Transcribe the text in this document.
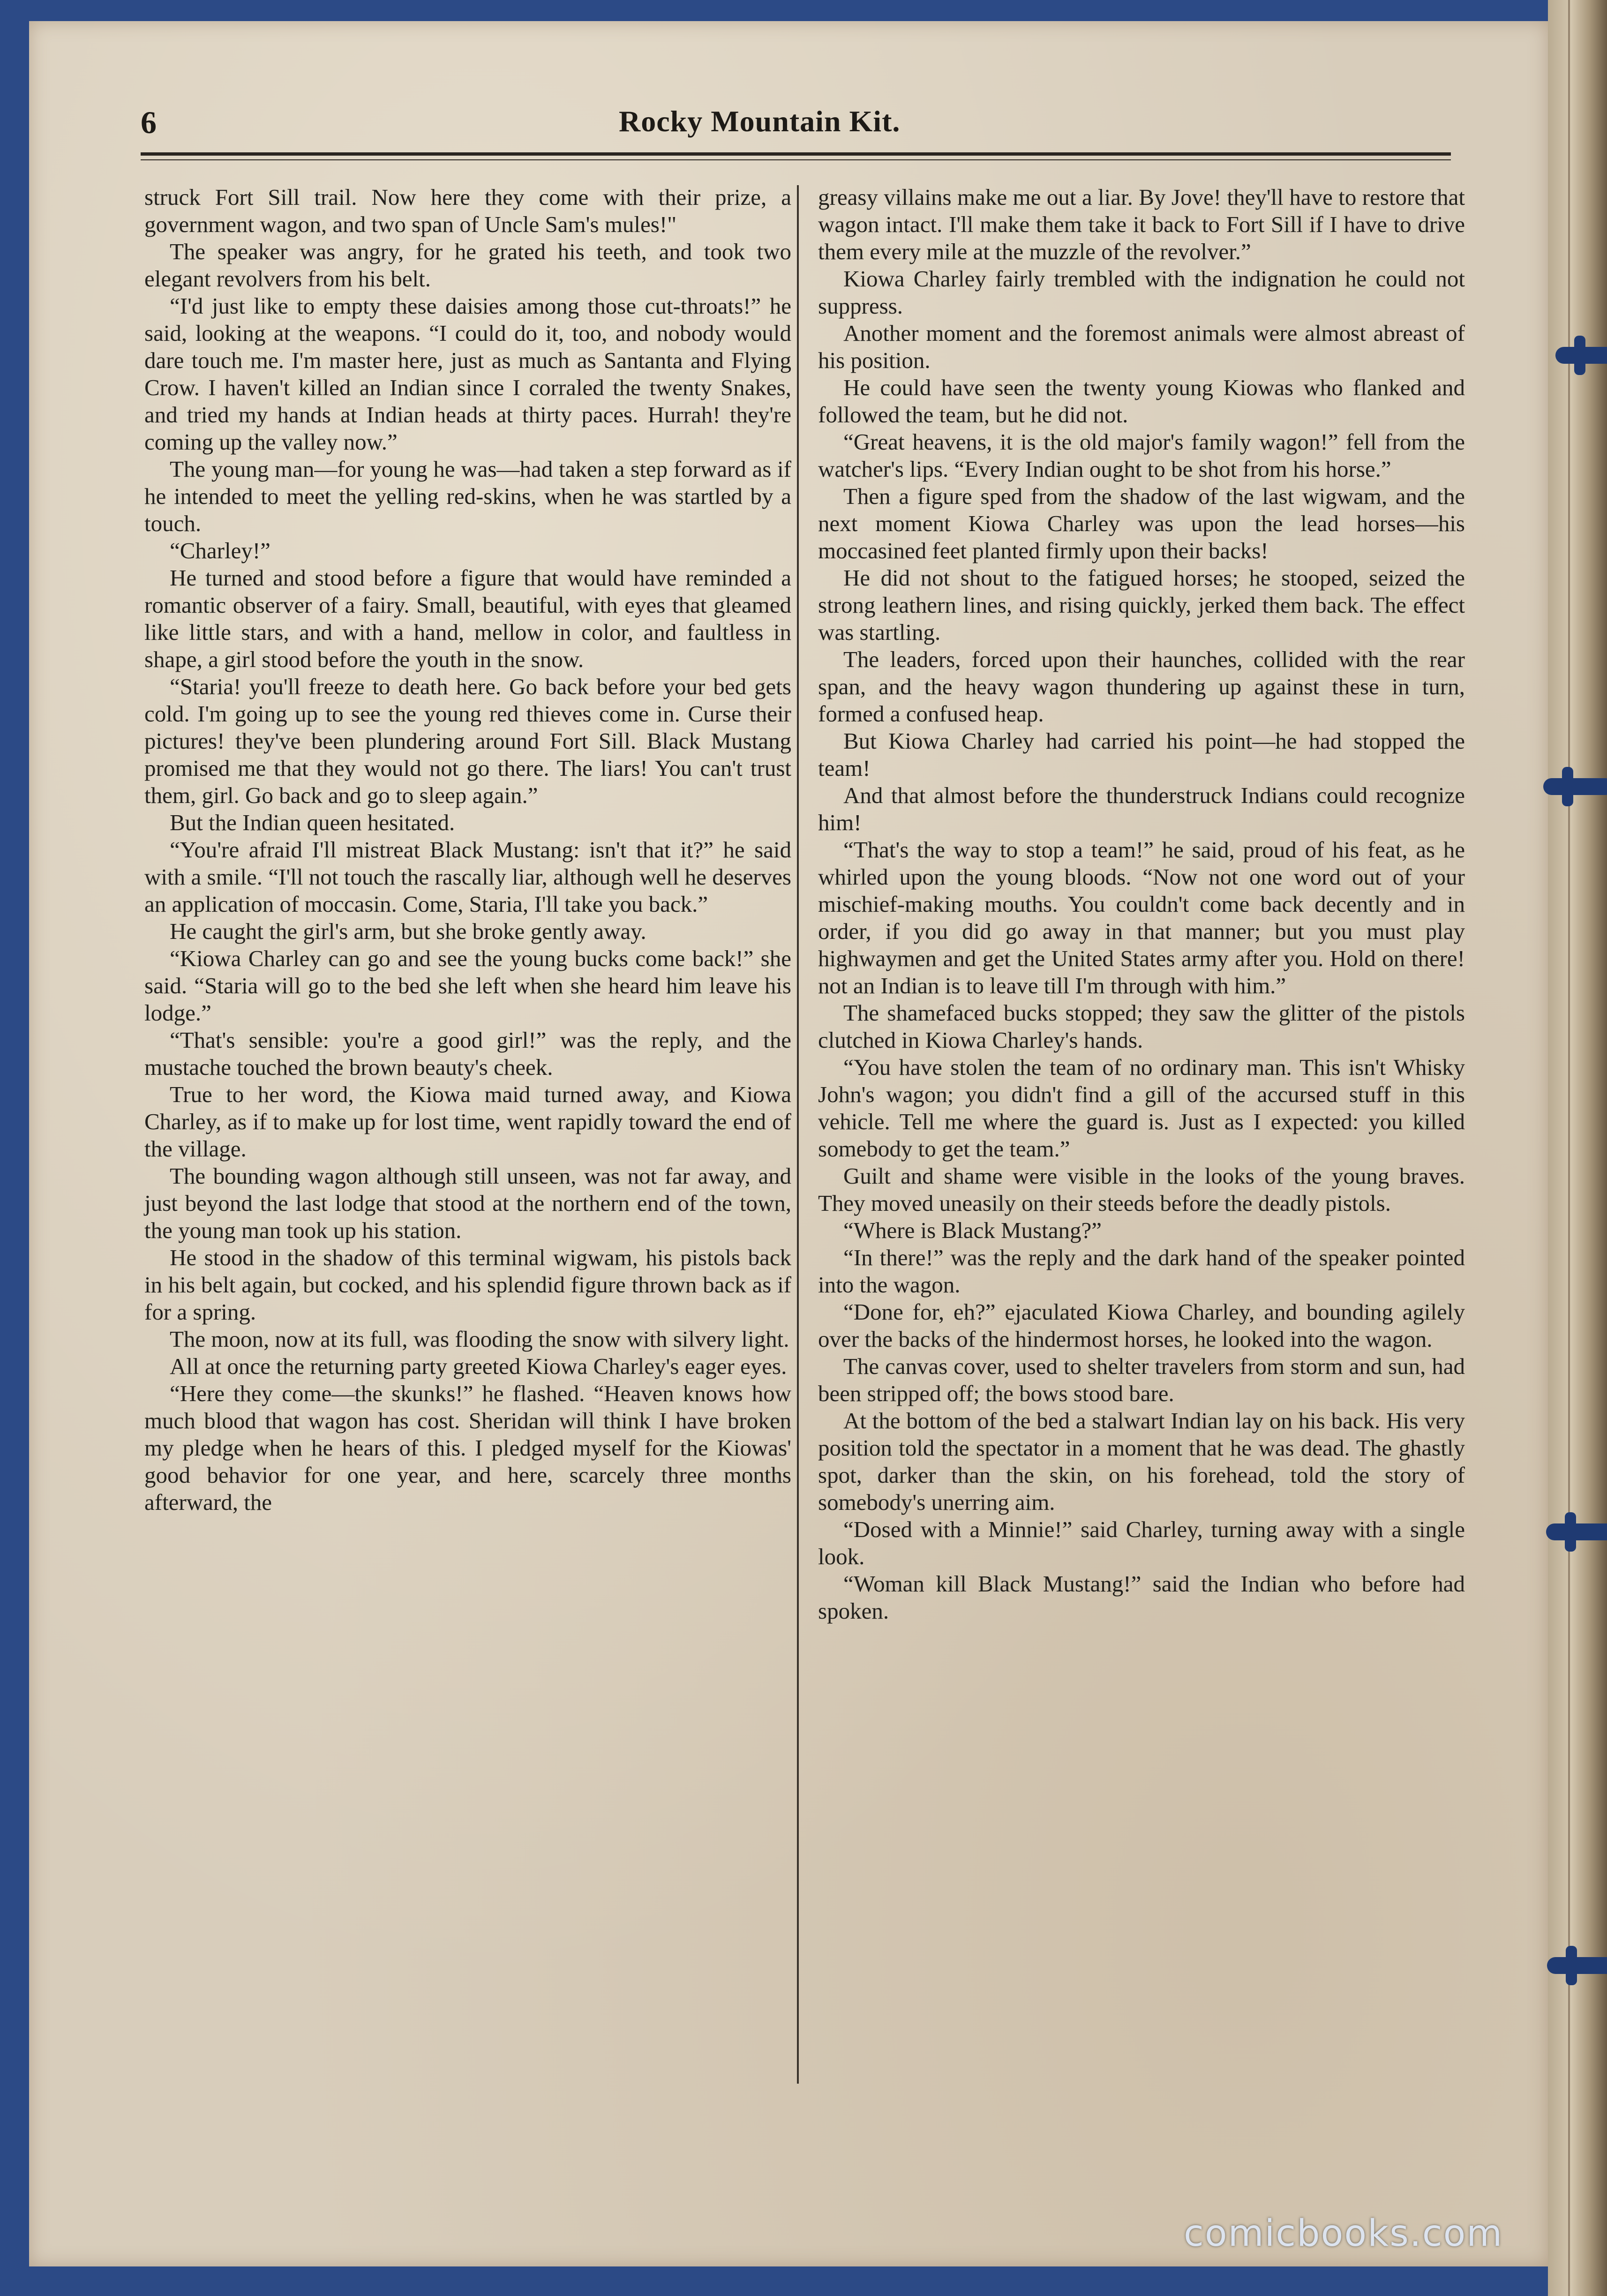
6	Rocky Mountain Kit.

struck Fort Sill trail. Now here they come with their prize, a government wagon, and two span of Uncle Sam's mules!"

The speaker was angry, for he grated his teeth, and took two elegant revolvers from his belt.

“I'd just like to empty these daisies among those cut-throats!” he said, looking at the weapons. “I could do it, too, and nobody would dare touch me. I'm master here, just as much as Santanta and Flying Crow. I haven't killed an Indian since I corraled the twenty Snakes, and tried my hands at Indian heads at thirty paces. Hurrah! they're coming up the valley now.”

The young man—for young he was—had taken a step forward as if he intended to meet the yelling red-skins, when he was startled by a touch.

“Charley!”

He turned and stood before a figure that would have reminded a romantic observer of a fairy. Small, beautiful, with eyes that gleamed like little stars, and with a hand, mellow in color, and faultless in shape, a girl stood before the youth in the snow.

“Staria! you'll freeze to death here. Go back before your bed gets cold. I'm going up to see the young red thieves come in. Curse their pictures! they've been plundering around Fort Sill. Black Mustang promised me that they would not go there. The liars! You can't trust them, girl. Go back and go to sleep again.”

But the Indian queen hesitated.

“You're afraid I'll mistreat Black Mustang: isn't that it?” he said with a smile. “I'll not touch the rascally liar, although well he deserves an application of moccasin. Come, Staria, I'll take you back.”

He caught the girl's arm, but she broke gently away.

“Kiowa Charley can go and see the young bucks come back!” she said. “Staria will go to the bed she left when she heard him leave his lodge.”

“That's sensible: you're a good girl!” was the reply, and the mustache touched the brown beauty's cheek.

True to her word, the Kiowa maid turned away, and Kiowa Charley, as if to make up for lost time, went rapidly toward the end of the village.

The bounding wagon although still unseen, was not far away, and just beyond the last lodge that stood at the northern end of the town, the young man took up his station.

He stood in the shadow of this terminal wigwam, his pistols back in his belt again, but cocked, and his splendid figure thrown back as if for a spring.

The moon, now at its full, was flooding the snow with silvery light.

All at once the returning party greeted Kiowa Charley's eager eyes.

“Here they come—the skunks!” he flashed. “Heaven knows how much blood that wagon has cost. Sheridan will think I have broken my pledge when he hears of this. I pledged myself for the Kiowas' good behavior for one year, and here, scarcely three months afterward, the

greasy villains make me out a liar. By Jove! they'll have to restore that wagon intact. I'll make them take it back to Fort Sill if I have to drive them every mile at the muzzle of the revolver.”

Kiowa Charley fairly trembled with the indignation he could not suppress.

Another moment and the foremost animals were almost abreast of his position.

He could have seen the twenty young Kiowas who flanked and followed the team, but he did not.

“Great heavens, it is the old major's family wagon!” fell from the watcher's lips. “Every Indian ought to be shot from his horse.”

Then a figure sped from the shadow of the last wigwam, and the next moment Kiowa Charley was upon the lead horses—his moccasined feet planted firmly upon their backs!

He did not shout to the fatigued horses; he stooped, seized the strong leathern lines, and rising quickly, jerked them back. The effect was startling.

The leaders, forced upon their haunches, collided with the rear span, and the heavy wagon thundering up against these in turn, formed a confused heap.

But Kiowa Charley had carried his point—he had stopped the team!

And that almost before the thunderstruck Indians could recognize him!

“That's the way to stop a team!” he said, proud of his feat, as he whirled upon the young bloods. “Now not one word out of your mischief-making mouths. You couldn't come back decently and in order, if you did go away in that manner; but you must play highwaymen and get the United States army after you. Hold on there! not an Indian is to leave till I'm through with him.”

The shamefaced bucks stopped; they saw the glitter of the pistols clutched in Kiowa Charley's hands.

“You have stolen the team of no ordinary man. This isn't Whisky John's wagon; you didn't find a gill of the accursed stuff in this vehicle. Tell me where the guard is. Just as I expected: you killed somebody to get the team.”

Guilt and shame were visible in the looks of the young braves. They moved uneasily on their steeds before the deadly pistols.

“Where is Black Mustang?”

“In there!” was the reply and the dark hand of the speaker pointed into the wagon.

“Done for, eh?” ejaculated Kiowa Charley, and bounding agilely over the backs of the hindermost horses, he looked into the wagon.

The canvas cover, used to shelter travelers from storm and sun, had been stripped off; the bows stood bare.

At the bottom of the bed a stalwart Indian lay on his back. His very position told the spectator in a moment that he was dead. The ghastly spot, darker than the skin, on his forehead, told the story of somebody's unerring aim.

“Dosed with a Minnie!” said Charley, turning away with a single look.

“Woman kill Black Mustang!” said the Indian who before had spoken.

comicbooks.com
